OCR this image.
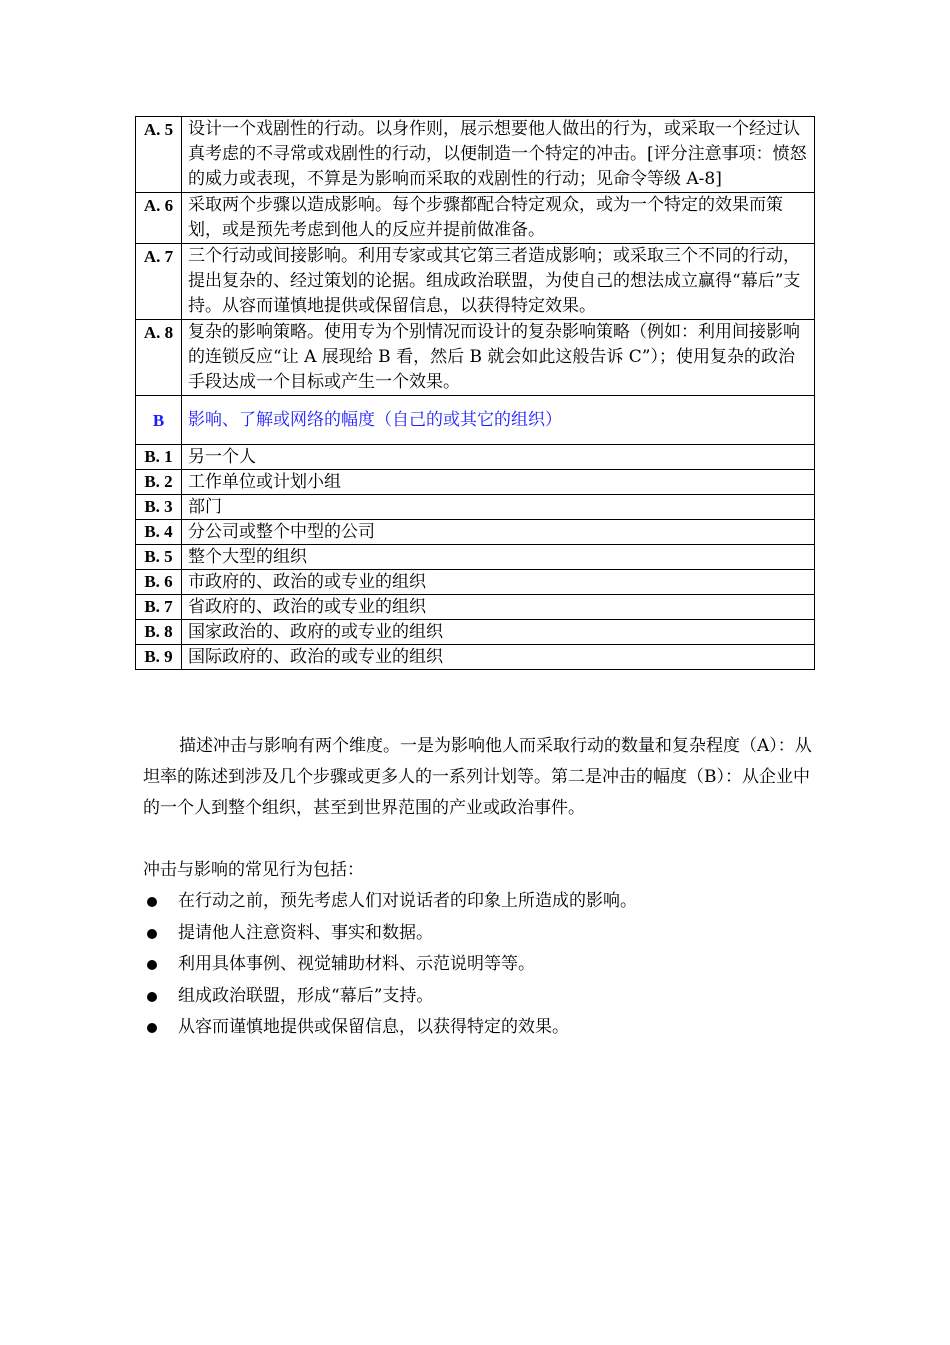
A. 5	设计一个戏剧性的行动。以身作则，展示想要他人做出的行为，或采取一个经过认真考虑的不寻常或戏剧性的行动，以便制造一个特定的冲击。[评分注意事项：愤怒的威力或表现，不算是为影响而采取的戏剧性的行动；见命令等级 A-8]
A. 6	采取两个步骤以造成影响。每个步骤都配合特定观众，或为一个特定的效果而策划，或是预先考虑到他人的反应并提前做准备。
A. 7	三个行动或间接影响。利用专家或其它第三者造成影响；或采取三个不同的行动，提出复杂的、经过策划的论据。组成政治联盟，为使自己的想法成立赢得“幕后”支持。从容而谨慎地提供或保留信息，以获得特定效果。
A. 8	复杂的影响策略。使用专为个别情况而设计的复杂影响策略（例如：利用间接影响的连锁反应“让 A 展现给 B 看，然后 B 就会如此这般告诉 C”）；使用复杂的政治手段达成一个目标或产生一个效果。
B	影响、了解或网络的幅度（自己的或其它的组织）
B. 1	另一个人
B. 2	工作单位或计划小组
B. 3	部门
B. 4	分公司或整个中型的公司
B. 5	整个大型的组织
B. 6	市政府的、政治的或专业的组织
B. 7	省政府的、政治的或专业的组织
B. 8	国家政治的、政府的或专业的组织
B. 9	国际政府的、政治的或专业的组织

描述冲击与影响有两个维度。一是为影响他人而采取行动的数量和复杂程度（A）：从坦率的陈述到涉及几个步骤或更多人的一系列计划等。第二是冲击的幅度（B）：从企业中的一个人到整个组织，甚至到世界范围的产业或政治事件。

冲击与影响的常见行为包括：

在行动之前，预先考虑人们对说话者的印象上所造成的影响。
提请他人注意资料、事实和数据。
利用具体事例、视觉辅助材料、示范说明等等。
组成政治联盟，形成“幕后”支持。
从容而谨慎地提供或保留信息，以获得特定的效果。
